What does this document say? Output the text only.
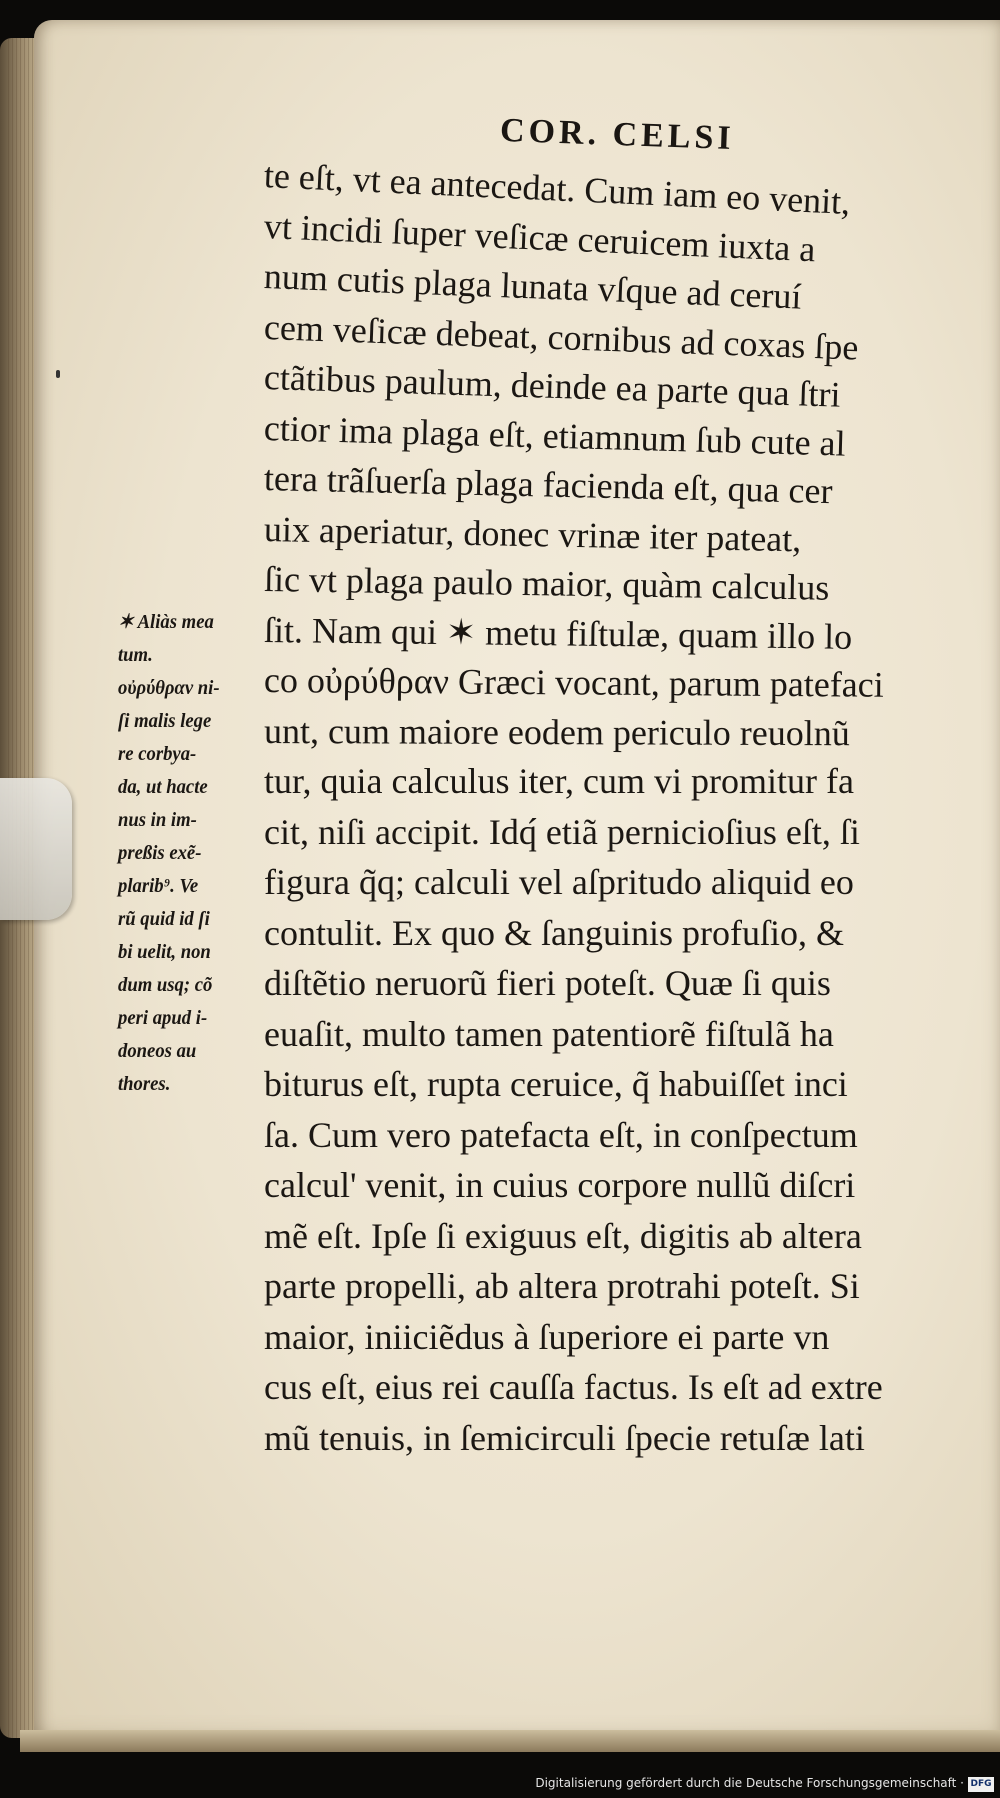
COR. CELSI
te eſt, vt ea antecedat. Cum iam eo venit,
vt incidi ſuper veſicæ ceruicem iuxta a
num cutis plaga lunata vſque ad ceruí
cem veſicæ debeat, cornibus ad coxas ſpe
ctãtibus paulum, deinde ea parte qua ſtri
ctior ima plaga eſt, etiamnum ſub cute al
tera trãſuerſa plaga facienda eſt, qua cer
uix aperiatur, donec vrinæ iter pateat,
ſic vt plaga paulo maior, quàm calculus
ſit. Nam qui ✶ metu fiſtulæ, quam illo lo
co οὐρύθραν Græci vocant, parum patefaci
unt, cum maiore eodem periculo reuolnũ
tur, quia calculus iter, cum vi promitur fa
cit, niſi accipit. Idq́ etiã pernicioſius eſt, ſi
figura q̃q; calculi vel aſpritudo aliquid eo
contulit. Ex quo & ſanguinis profuſio, &
diſtẽtio neruorũ fieri poteſt. Quæ ſi quis
euaſit, multo tamen patentiorẽ fiſtulã ha
biturus eſt, rupta ceruice, q̃ habuiſſet inci
ſa. Cum vero patefacta eſt, in conſpectum
calcul' venit, in cuius corpore nullũ diſcri
mẽ eſt. Ipſe ſi exiguus eſt, digitis ab altera
parte propelli, ab altera protrahi poteſt. Si
maior, iniiciẽdus à ſuperiore ei parte vn
cus eſt, eius rei cauſſa factus. Is eſt ad extre
mũ tenuis, in ſemicirculi ſpecie retuſæ lati
✶ Aliàs mea
tum.
οὐρύθραν ni-
ſi malis lege
re corbya-
da, ut hacte
nus in im-
preßis exẽ-
plarib⁹. Ve
rũ quid id ſi
bi uelit, non
dum usq; cõ
peri apud i-
doneos au
thores.
Digitalisierung gefördert durch die Deutsche Forschungsgemeinschaft · DFG
